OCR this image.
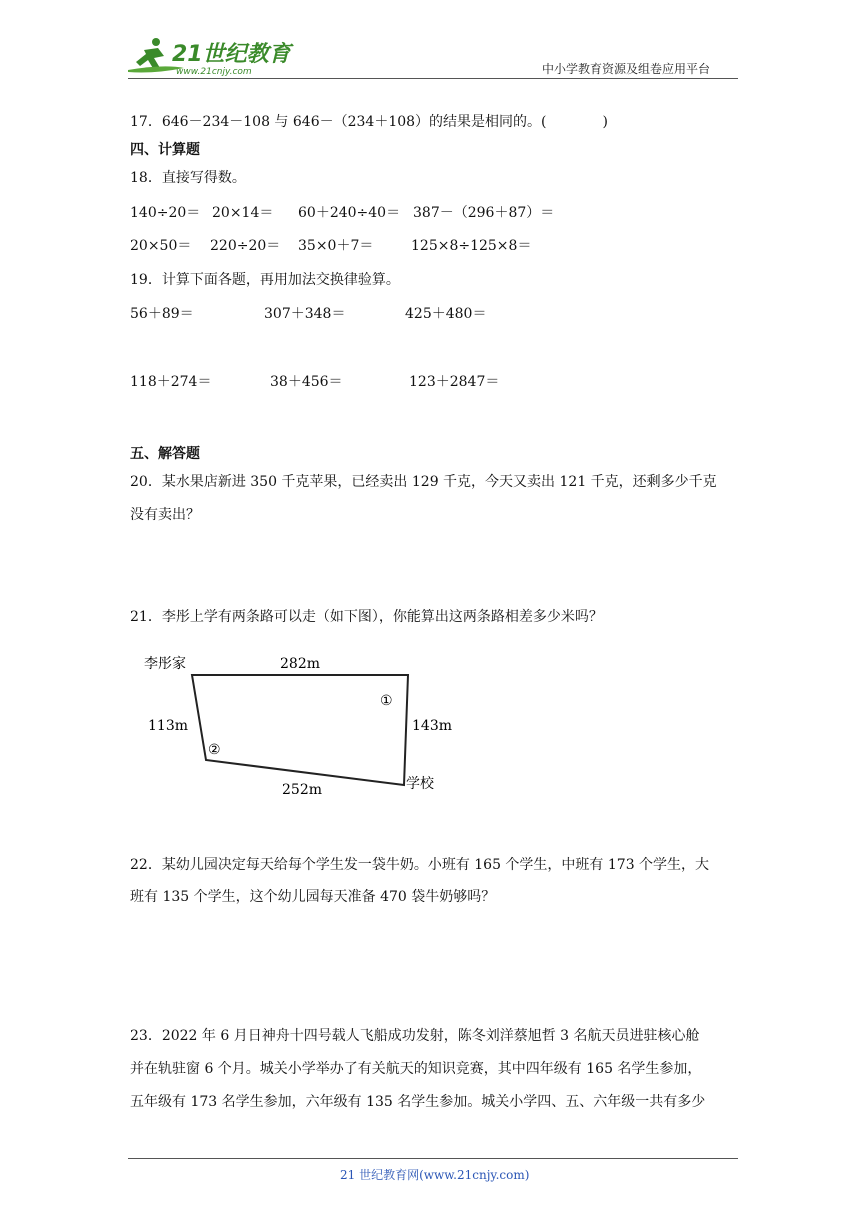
21世纪教育
www.21cnjy.com	中小学教育资源及组卷应用平台
17．646－234－108 与 646－（234＋108）的结果是相同的。(　　　　)
四、计算题
18．直接写得数。
140÷20＝ 20×14＝ 60＋240÷40＝ 387－（296＋87）＝
20×50＝ 220÷20＝ 35×0＋7＝	125×8÷125×8＝
19．计算下面各题，再用加法交换律验算。
56＋89＝	307＋348＝	425＋480＝
118＋274＝	38＋456＝	123＋2847＝
五、解答题
20．某水果店新进 350 千克苹果，已经卖出 129 千克，今天又卖出 121 千克，还剩多少千克
没有卖出？
21．李彤上学有两条路可以走（如下图），你能算出这两条路相差多少米吗？
李彤家	282m
①
113m	143m
②
学校
252m
22．某幼儿园决定每天给每个学生发一袋牛奶。小班有 165 个学生，中班有 173 个学生，大
班有 135 个学生，这个幼儿园每天准备 470 袋牛奶够吗？
23．2022 年 6 月日神舟十四号载人飞船成功发射，陈冬刘洋蔡旭哲 3 名航天员进驻核心舱
并在轨驻窗 6 个月。城关小学举办了有关航天的知识竞赛，其中四年级有 165 名学生参加，
五年级有 173 名学生参加，六年级有 135 名学生参加。城关小学四、五、六年级一共有多少
21 世纪教育网(www.21cnjy.com)
